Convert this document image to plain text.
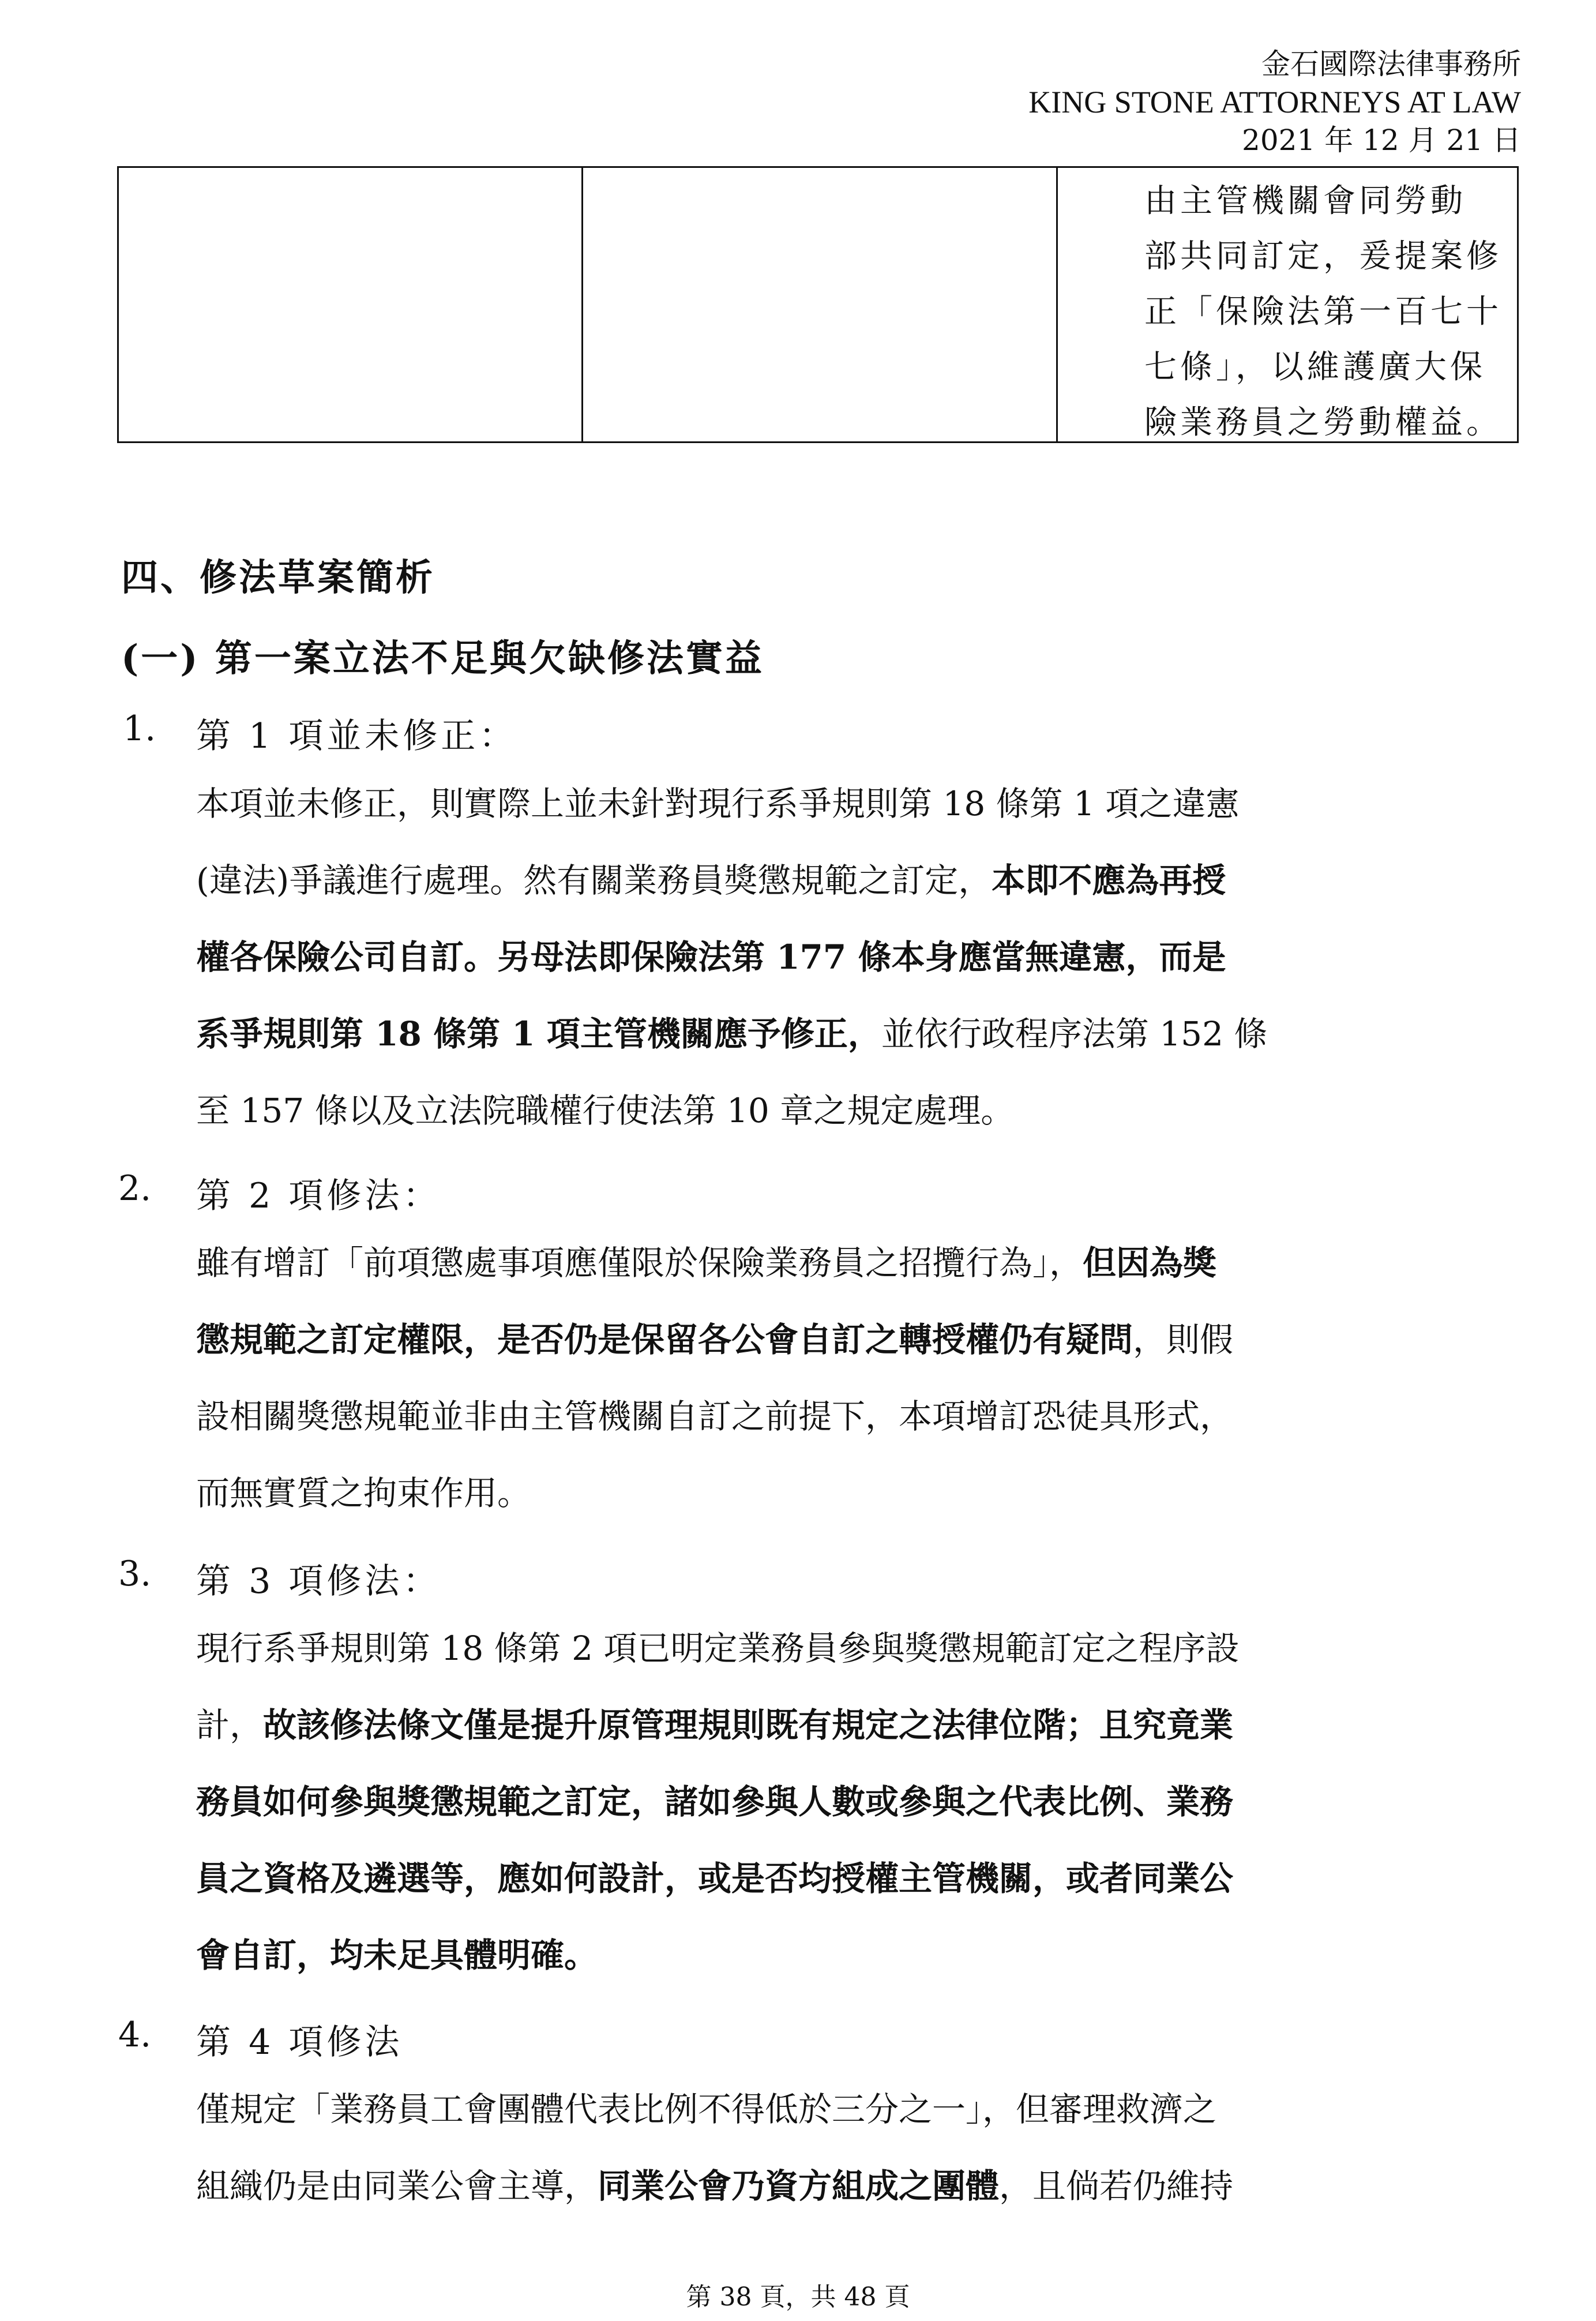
金石國際法律事務所
KING STONE ATTORNEYS AT LAW
2021 年 12 月 21 日
由主管機關會同勞動
部共同訂定，爰提案修
正「保險法第一百七十
七條」，以維護廣大保
險業務員之勞動權益。
四、修法草案簡析
(一) 第一案立法不足與欠缺修法實益
1. 第 1 項並未修正：
本項並未修正，則實際上並未針對現行系爭規則第 18 條第 1 項之違憲
(違法)爭議進行處理。然有關業務員獎懲規範之訂定，本即不應為再授
權各保險公司自訂。另母法即保險法第 177 條本身應當無違憲，而是
系爭規則第 18 條第 1 項主管機關應予修正，並依行政程序法第 152 條
至 157 條以及立法院職權行使法第 10 章之規定處理。
2. 第 2 項修法：
雖有增訂「前項懲處事項應僅限於保險業務員之招攬行為」，但因為獎
懲規範之訂定權限，是否仍是保留各公會自訂之轉授權仍有疑問，則假
設相關獎懲規範並非由主管機關自訂之前提下，本項增訂恐徒具形式，
而無實質之拘束作用。
3. 第 3 項修法：
現行系爭規則第 18 條第 2 項已明定業務員參與獎懲規範訂定之程序設
計，故該修法條文僅是提升原管理規則既有規定之法律位階；且究竟業
務員如何參與獎懲規範之訂定，諸如參與人數或參與之代表比例、業務
員之資格及遴選等，應如何設計，或是否均授權主管機關，或者同業公
會自訂，均未足具體明確。
4. 第 4 項修法
僅規定「業務員工會團體代表比例不得低於三分之一」，但審理救濟之
組織仍是由同業公會主導，同業公會乃資方組成之團體，且倘若仍維持
第 38 頁，共 48 頁
